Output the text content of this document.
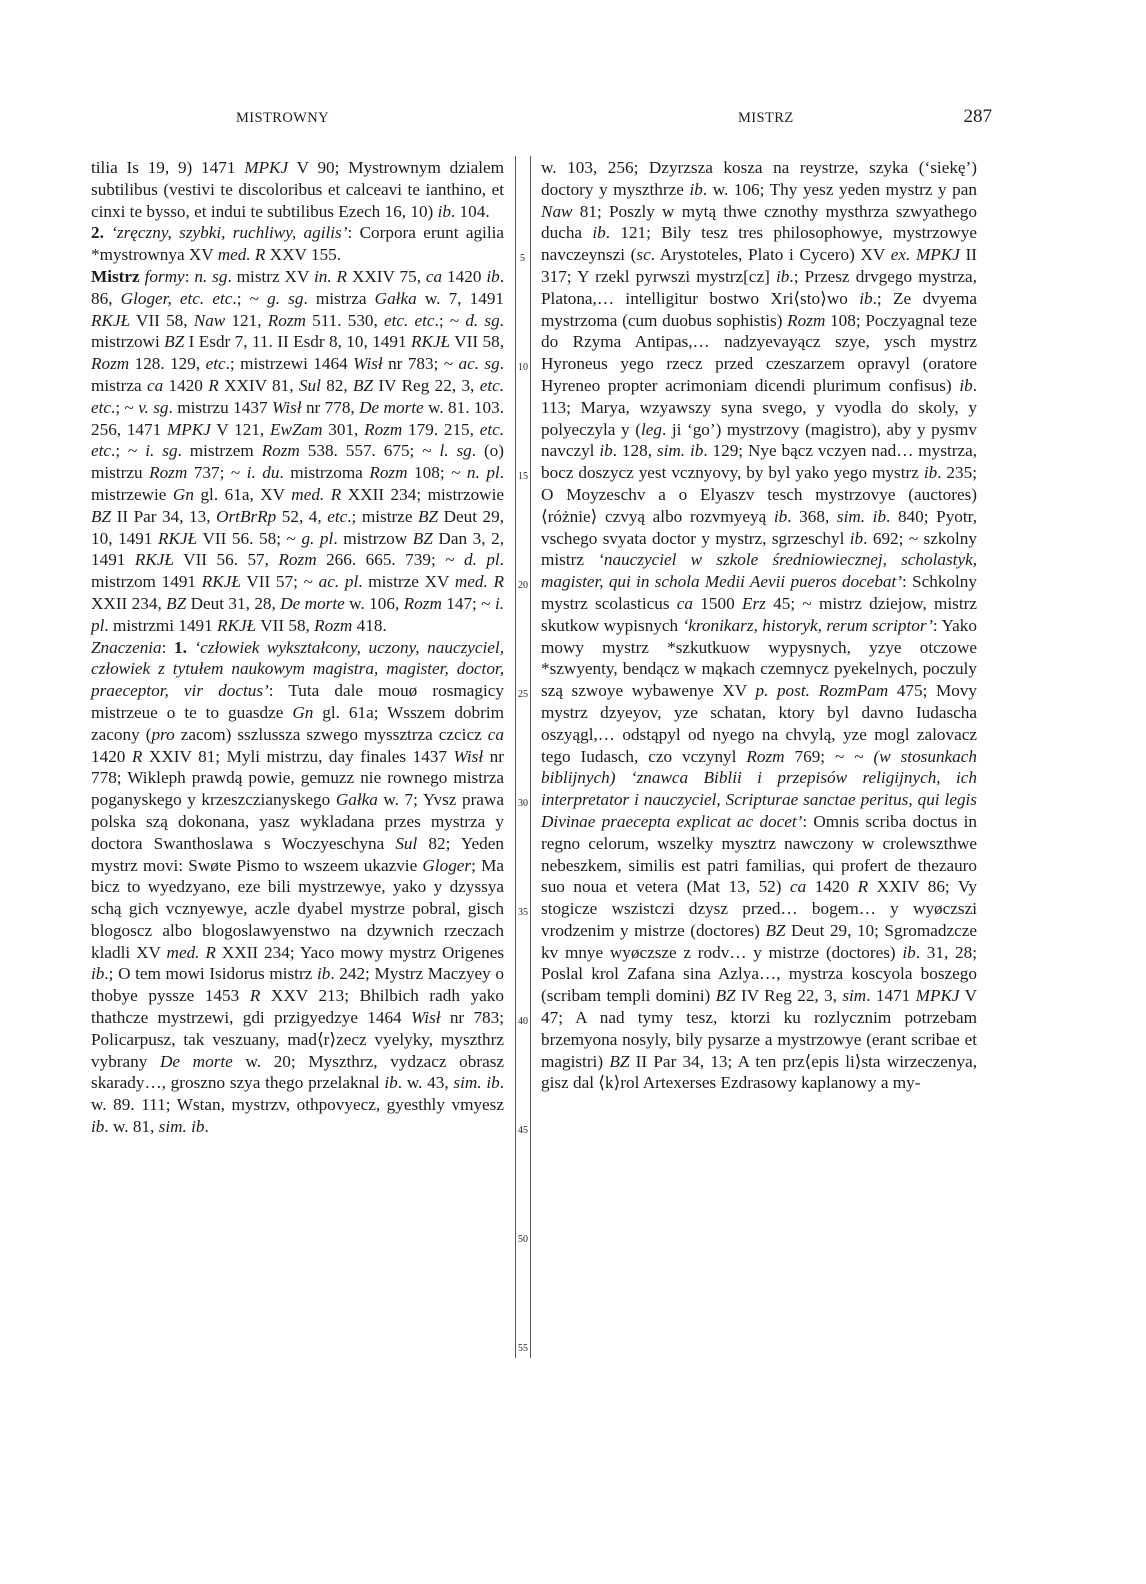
MISTROWNY	MISTRZ	287

tilia Is 19, 9) 1471 MPKJ V 90; Mystrownym dzialem subtilibus (vestivi te discoloribus et calceavi te ianthino, et cinxi te bysso, et indui te subtilibus Ezech 16, 10) ib. 104.

2. ‘zręczny, szybki, ruchliwy, agilis’: Corpora erunt agilia *mystrownya XV med. R XXV 155.

Mistrz formy: n. sg. mistrz XV in. R XXIV 75, ca 1420 ib. 86, Gloger, etc. etc.; ~ g. sg. mistrza Gałka w. 7, 1491 RKJŁ VII 58, Naw 121, Rozm 511. 530, etc. etc.; ~ d. sg. mistrzowi BZ I Esdr 7, 11. II Esdr 8, 10, 1491 RKJŁ VII 58, Rozm 128. 129, etc.; mistrzewi 1464 Wisł nr 783; ~ ac. sg. mistrza ca 1420 R XXIV 81, Sul 82, BZ IV Reg 22, 3, etc. etc.; ~ v. sg. mistrzu 1437 Wisł nr 778, De morte w. 81. 103. 256, 1471 MPKJ V 121, EwZam 301, Rozm 179. 215, etc. etc.; ~ i. sg. mistrzem Rozm 538. 557. 675; ~ l. sg. (o) mistrzu Rozm 737; ~ i. du. mistrzoma Rozm 108; ~ n. pl. mistrzewie Gn gl. 61a, XV med. R XXII 234; mistrzowie BZ II Par 34, 13, OrtBrRp 52, 4, etc.; mistrze BZ Deut 29, 10, 1491 RKJŁ VII 56. 58; ~ g. pl. mistrzow BZ Dan 3, 2, 1491 RKJŁ VII 56. 57, Rozm 266. 665. 739; ~ d. pl. mistrzom 1491 RKJŁ VII 57; ~ ac. pl. mistrze XV med. R XXII 234, BZ Deut 31, 28, De morte w. 106, Rozm 147; ~ i. pl. mistrzmi 1491 RKJŁ VII 58, Rozm 418.

Znaczenia: 1. ‘człowiek wykształcony, uczony, nauczyciel, człowiek z tytułem naukowym magistra, magister, doctor, praeceptor, vir doctus’: Tuta dale mouø rosmagicy mistrzeue o te to guasdze Gn gl. 61a; Wsszem dobrim zacony (pro zacom) sszlussza szwego myssztrza czcicz ca 1420 R XXIV 81; Myli mistrzu, day finales 1437 Wisł nr 778; Wikleph prawdą powie, gemuzz nie rownego mistrza poganyskego y krzeszczianyskego Gałka w. 7; Yvsz prawa polska szą dokonana, yasz wykladana przes mystrza y doctora Swanthoslawa s Woczyeschyna Sul 82; Yeden mystrz movi: Swøte Pismo to wszeem ukazvie Gloger; Ma bicz to wyedzyano, eze bili mystrzewye, yako y dzyssya schą gich vcznyewye, aczle dyabel mystrze pobral, gisch blogoscz albo blogoslawyenstwo na dzywnich rzeczach kladli XV med. R XXII 234; Yaco mowy mystrz Origenes ib.; O tem mowi Isidorus mistrz ib. 242; Mystrz Maczyey o thobye pyssze 1453 R XXV 213; Bhilbich radh yako thathcze mystrzewi, gdi przigyedzye 1464 Wisł nr 783; Policarpusz, tak veszuany, mad⟨r⟩zecz vyelyky, myszthrz vybrany De morte w. 20; Myszthrz, vydzacz obrasz skarady…, groszno szya thego przelaknal ib. w. 43, sim. ib. w. 89. 111; Wstan, mystrzv, othpovyecz, gyesthly vmyesz ib. w. 81, sim. ib.

5
10
15
20
25
30
35
40
45
50
55

w. 103, 256; Dzyrzsza kosza na reystrze, szyka (‘siekę’) doctory y myszthrze ib. w. 106; Thy yesz yeden mystrz y pan Naw 81; Poszly w mytą thwe cznothy mysthrza szwyathego ducha ib. 121; Bily tesz tres philosophowye, mystrzowye navczeynszi (sc. Arystoteles, Plato i Cycero) XV ex. MPKJ II 317; Y rzekl pyrwszi mystrz[cz] ib.; Przesz drvgego mystrza, Platona,… intelligitur bostwo Xri⟨sto⟩wo ib.; Ze dvyema mystrzoma (cum duobus sophistis) Rozm 108; Poczyagnal teze do Rzyma Antipas,… nadzyevayącz szye, ysch mystrz Hyroneus yego rzecz przed czeszarzem opravyl (oratore Hyreneo propter acrimoniam dicendi plurimum confisus) ib. 113; Marya, wzyawszy syna svego, y vyodla do skoly, y polyeczyla y (leg. ji ‘go’) mystrzovy (magistro), aby y pysmv navczyl ib. 128, sim. ib. 129; Nye bącz vczyen nad… mystrza, bocz doszycz yest vcznyovy, by byl yako yego mystrz ib. 235; O Moyzeschv a o Elyaszv tesch mystrzovye (auctores) ⟨różnie⟩ czvyą albo rozvmyeyą ib. 368, sim. ib. 840; Pyotr, vschego svyata doctor y mystrz, sgrzeschyl ib. 692; ~ szkolny mistrz ‘nauczyciel w szkole średniowiecznej, scholastyk, magister, qui in schola Medii Aevii pueros docebat’: Schkolny mystrz scolasticus ca 1500 Erz 45; ~ mistrz dziejow, mistrz skutkow wypisnych ‘kronikarz, historyk, rerum scriptor’: Yako mowy mystrz *szkutkuow wypysnych, yzye otczowe *szwyenty, bendącz w mąkach czemnycz pyekelnych, poczuly szą szwoye wybawenye XV p. post. RozmPam 475; Movy mystrz dzyeyov, yze schatan, ktory byl davno Iudascha oszyągl,… odstąpyl od nyego na chvylą, yze mogl zalovacz tego Iudasch, czo vczynyl Rozm 769; ~ ~ (w stosunkach biblijnych) ‘znawca Biblii i przepisów religijnych, ich interpretator i nauczyciel, Scripturae sanctae peritus, qui legis Divinae praecepta explicat ac docet’: Omnis scriba doctus in regno celorum, wszelky mysztrz nawczony w crolewszthwe nebeszkem, similis est patri familias, qui profert de thezauro suo noua et vetera (Mat 13, 52) ca 1420 R XXIV 86; Vy stogicze wszistczi dzysz przed… bogem… y wyøczszi vrodzenim y mistrze (doctores) BZ Deut 29, 10; Sgromadzcze kv mnye wyøczsze z rodv… y mistrze (doctores) ib. 31, 28; Poslal krol Zafana sina Azlya…, mystrza koscyola boszego (scribam templi domini) BZ IV Reg 22, 3, sim. 1471 MPKJ V 47; A nad tymy tesz, ktorzi ku rozlycznim potrzebam brzemyona nosyly, bily pysarze a mystrzowye (erant scribae et magistri) BZ II Par 34, 13; A ten prz⟨epis li⟩sta wirzeczenya, gisz dal ⟨k⟩rol Artexerses Ezdrasowy kaplanowy a my-
